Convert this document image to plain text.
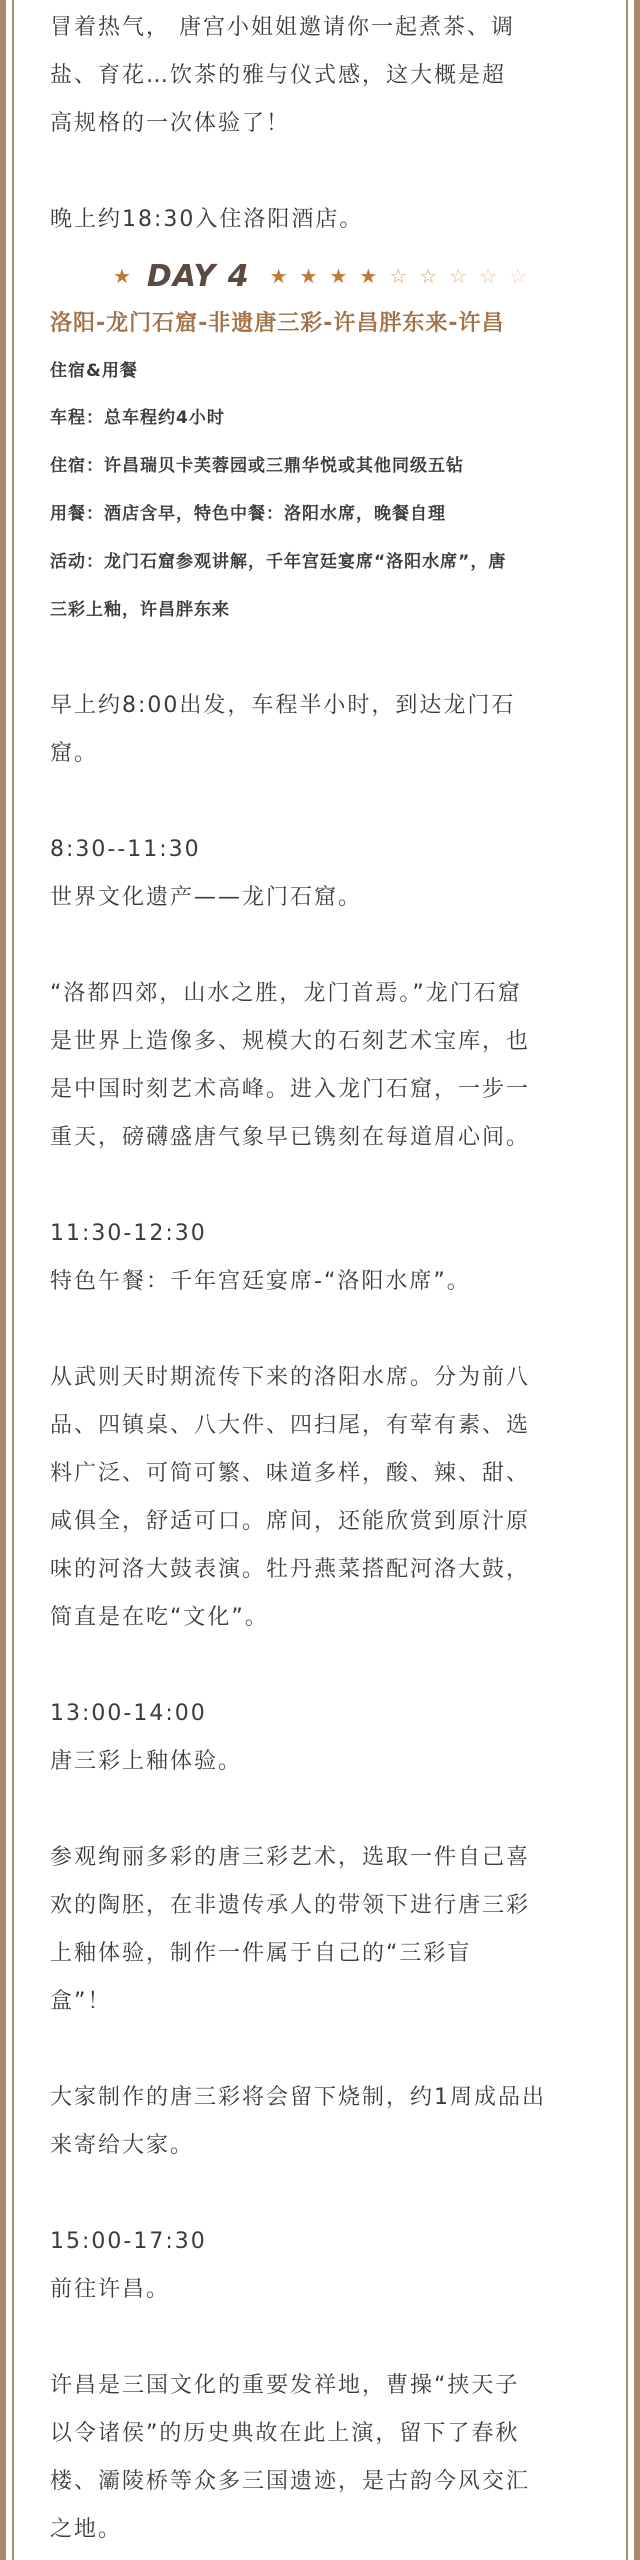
冒着热气， 唐宫小姐姐邀请你一起煮茶、调

盐、育花…饮茶的雅与仪式感，这大概是超

高规格的一次体验了！

晚上约18:30入住洛阳酒店。

★ DAY 4 ★ ★ ★ ★ ☆ ☆ ☆ ☆ ☆

洛阳-龙门石窟-非遗唐三彩-许昌胖东来-许昌

住宿&用餐

车程：总车程约4小时

住宿：许昌瑞贝卡芙蓉园或三鼎华悦或其他同级五钻

用餐：酒店含早，特色中餐：洛阳水席，晚餐自理

活动：龙门石窟参观讲解，千年宫廷宴席“洛阳水席”，唐

三彩上釉，许昌胖东来

早上约8:00出发，车程半小时，到达龙门石

窟。

8:30--11:30

世界文化遗产——龙门石窟。

“洛都四郊，山水之胜，龙门首焉。”龙门石窟

是世界上造像多、规模大的石刻艺术宝库，也

是中国时刻艺术高峰。进入龙门石窟，一步一

重天，磅礴盛唐气象早已镌刻在每道眉心间。

11:30-12:30

特色午餐：千年宫廷宴席-“洛阳水席”。

从武则天时期流传下来的洛阳水席。分为前八

品、四镇桌、八大件、四扫尾，有荤有素、选

料广泛、可简可繁、味道多样，酸、辣、甜、

咸俱全，舒适可口。席间，还能欣赏到原汁原

味的河洛大鼓表演。牡丹燕菜搭配河洛大鼓，

简直是在吃“文化”。

13:00-14:00

唐三彩上釉体验。

参观绚丽多彩的唐三彩艺术，选取一件自己喜

欢的陶胚，在非遗传承人的带领下进行唐三彩

上釉体验，制作一件属于自己的“三彩盲

盒”！

大家制作的唐三彩将会留下烧制，约1周成品出

来寄给大家。

15:00-17:30

前往许昌。

许昌是三国文化的重要发祥地，曹操“挟天子

以令诸侯”的历史典故在此上演，留下了春秋

楼、灞陵桥等众多三国遗迹，是古韵今风交汇

之地。
